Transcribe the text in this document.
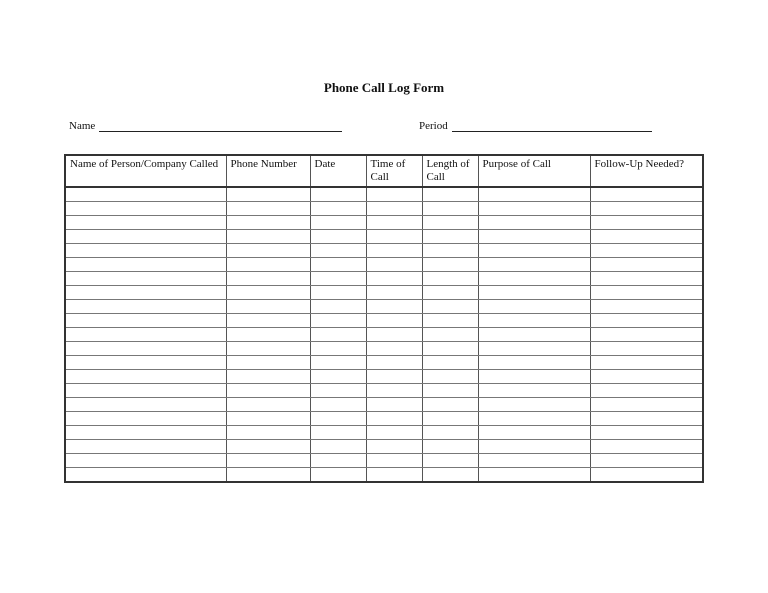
Phone Call Log Form
Name	Period
Name of Person/Company Called	Phone Number	Date	Time of Call	Length of Call	Purpose of Call	Follow-Up Needed?
